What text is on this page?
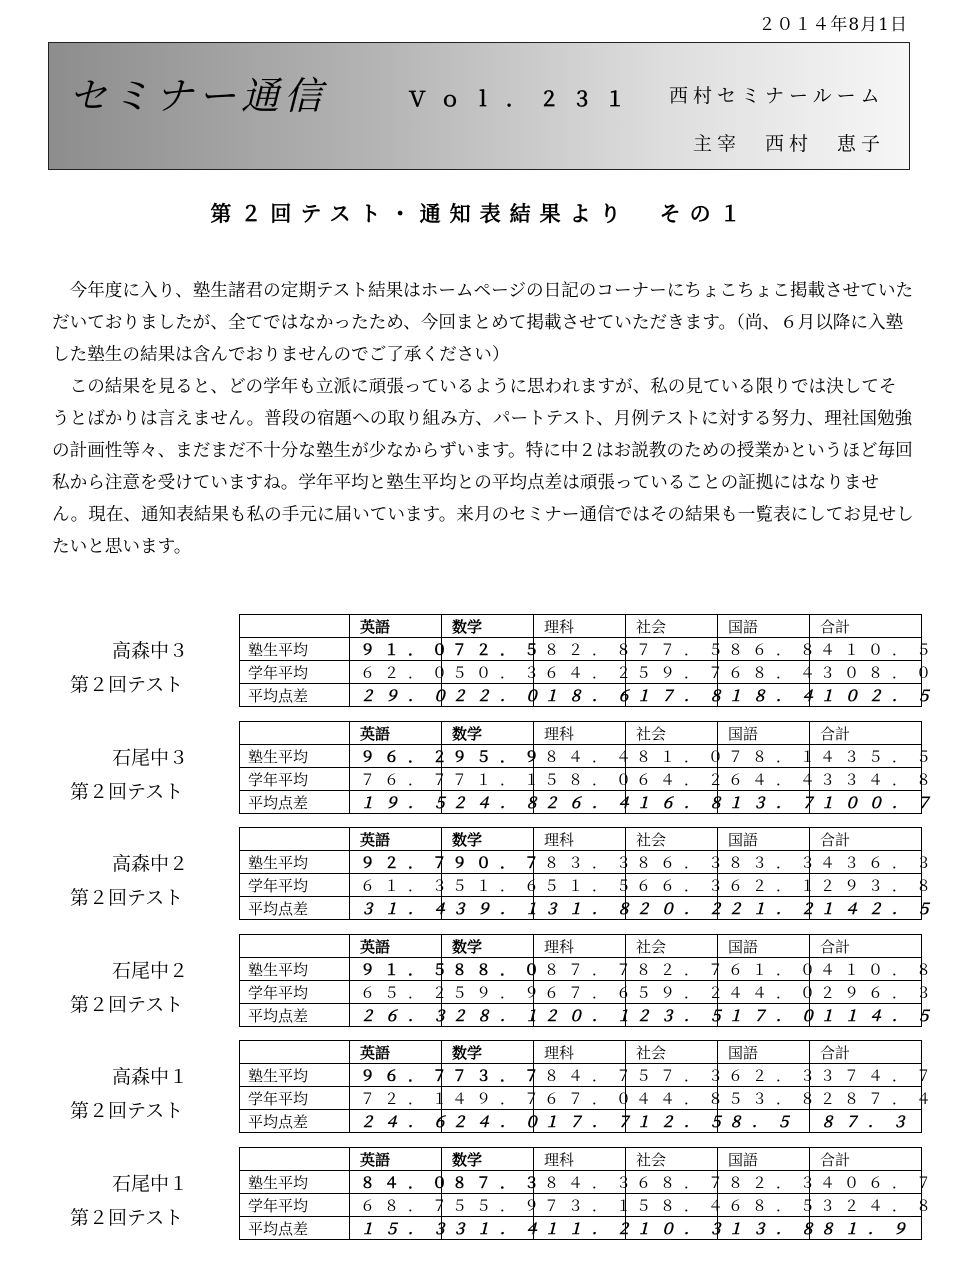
２０１４年8月1日
セミナー通信	Ｖｏｌ．２３１ 西村セミナールーム
主宰　西村　恵子
第２回テスト・通知表結果より　その１

今年度に入り、塾生諸君の定期テスト結果はホームページの日記のコーナーにちょこちょこ掲載させていただいておりましたが、全てではなかったため、今回まとめて掲載させていただきます。（尚、６月以降に入塾した塾生の結果は含んでおりませんのでご了承ください）

この結果を見ると、どの学年も立派に頑張っているように思われますが、私の見ている限りでは決してそうとばかりは言えません。普段の宿題への取り組み方、パートテスト、月例テストに対する努力、理社国勉強の計画性等々、まだまだ不十分な塾生が少なからずいます。特に中２はお説教のための授業かというほど毎回私から注意を受けていますね。学年平均と塾生平均との平均点差は頑張っていることの証拠にはなりません。現在、通知表結果も私の手元に届いています。来月のセミナー通信ではその結果も一覧表にしてお見せしたいと思います。

高森中３
第２回テスト
	英語	数学	理科	社会	国語	合計
塾生平均	９１．０	７２．５	８２．８	７７．５	８６．８	４１０．５
学年平均	６２．０	５０．３	６４．２	５９．７	６８．４	３０８．０
平均点差	２９．０	２２．０	１８．６	１７．８	１８．４	１０２．５
石尾中３
第２回テスト
	英語	数学	理科	社会	国語	合計
塾生平均	９６．２	９５．９	８４．４	８１．０	７８．１	４３５．５
学年平均	７６．７	７１．１	５８．０	６４．２	６４．４	３３４．８
平均点差	１９．５	２４．８	２６．４	１６．８	１３．７	１００．７
高森中２
第２回テスト
	英語	数学	理科	社会	国語	合計
塾生平均	９２．７	９０．７	８３．３	８６．３	８３．３	４３６．３
学年平均	６１．３	５１．６	５１．５	６６．３	６２．１	２９３．８
平均点差	３１．４	３９．１	３１．８	２０．２	２１．２	１４２．５
石尾中２
第２回テスト
	英語	数学	理科	社会	国語	合計
塾生平均	９１．５	８８．０	８７．７	８２．７	６１．０	４１０．８
学年平均	６５．２	５９．９	６７．６	５９．２	４４．０	２９６．３
平均点差	２６．３	２８．１	２０．１	２３．５	１７．０	１１４．５
高森中１
第２回テスト
	英語	数学	理科	社会	国語	合計
塾生平均	９６．７	７３．７	８４．７	５７．３	６２．３	３７４．７
学年平均	７２．１	４９．７	６７．０	４４．８	５３．８	２８７．４
平均点差	２４．６	２４．０	１７．７	１２．５	８．５	８７．３
石尾中１
第２回テスト
	英語	数学	理科	社会	国語	合計
塾生平均	８４．０	８７．３	８４．３	６８．７	８２．３	４０６．７
学年平均	６８．７	５５．９	７３．１	５８．４	６８．５	３２４．８
平均点差	１５．３	３１．４	１１．２	１０．３	１３．８	８１．９
